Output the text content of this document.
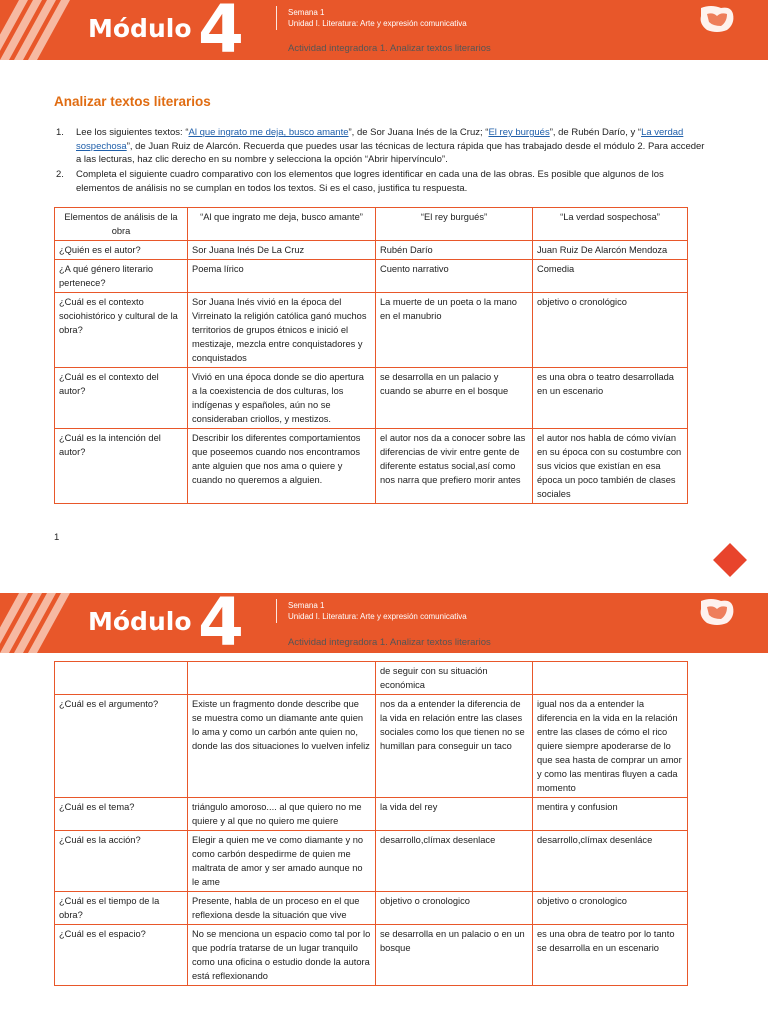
Módulo 4	Semana 1
Unidad I. Literatura: Arte y expresión comunicativa
Actividad integradora 1. Analizar textos literarios
Analizar textos literarios
1. Lee los siguientes textos: “Al que ingrato me deja, busco amante”, de Sor Juana Inés de la Cruz; “El rey burgués”, de Rubén Darío, y “La verdad sospechosa”, de Juan Ruiz de Alarcón. Recuerda que puedes usar las técnicas de lectura rápida que has trabajado desde el módulo 2. Para acceder a las lecturas, haz clic derecho en su nombre y selecciona la opción “Abrir hipervínculo”.
2. Completa el siguiente cuadro comparativo con los elementos que logres identificar en cada una de las obras. Es posible que algunos de los elementos de análisis no se cumplan en todos los textos. Si es el caso, justifica tu respuesta.
Elementos de análisis de la obra	“Al que ingrato me deja, busco amante”	“El rey burgués”	“La verdad sospechosa”
¿Quién es el autor?	Sor Juana Inés De La Cruz	Rubén Darío	Juan Ruiz De Alarcón Mendoza
¿A qué género literario pertenece?	Poema lírico	Cuento narrativo	Comedia
¿Cuál es el contexto sociohistórico y cultural de la obra?	Sor Juana Inés vivió en la época del Virreinato la religión católica ganó muchos territorios de grupos étnicos e inició el mestizaje, mezcla entre conquistadores y conquistados	La muerte de un poeta o la mano en el manubrio	objetivo o cronológico
¿Cuál es el contexto del autor?	Vivió en una época donde se dio apertura a la coexistencia de dos culturas, los indígenas y españoles, aún no se consideraban criollos, y mestizos.	se desarrolla en un palacio y cuando se aburre en el bosque	es una obra o teatro desarrollada en un escenario
¿Cuál es la intención del autor?	Describir los diferentes comportamientos que poseemos cuando nos encontramos ante alguien que nos ama o quiere y cuando no queremos a alguien.	el autor nos da a conocer sobre las diferencias de vivir entre gente de diferente estatus social,así como nos narra que prefiero morir antes	el autor nos habla de cómo vivían en su época con su costumbre con sus vicios que existían en esa época un poco también de clases sociales
1
Módulo 4	Semana 1
Unidad I. Literatura: Arte y expresión comunicativa
Actividad integradora 1. Analizar textos literarios
		de seguir con su situación económica	
¿Cuál es el argumento?	Existe un fragmento donde describe que se muestra como un diamante ante quien lo ama y como un carbón ante quien no, donde las dos situaciones lo vuelven infeliz	nos da a entender la diferencia de la vida en relación entre las clases sociales como los que tienen no se humillan para conseguir un taco	igual nos da a entender la diferencia en la vida en la relación entre las clases de cómo el rico quiere siempre apoderarse de lo que sea hasta de comprar un amor y como las mentiras fluyen a cada momento
¿Cuál es el tema?	triángulo amoroso.... al que quiero no me quiere y al que no quiero me quiere	la vida del rey	mentira y confusion
¿Cuál es la acción?	Elegir a quien me ve como diamante y no como carbón despedirme de quien me maltrata de amor y ser amado aunque no le ame	desarrollo,clímax desenlace	desarrollo,clímax desenláce
¿Cuál es el tiempo de la obra?	Presente, habla de un proceso en el que reflexiona desde la situación que vive	objetivo o cronologico	objetivo o cronologico
¿Cuál es el espacio?	No se menciona un espacio como tal por lo que podría tratarse de un lugar tranquilo como una oficina o estudio donde la autora está reflexionando	se desarrolla en un palacio o en un bosque	es una obra de teatro por lo tanto se desarrolla en un escenario
